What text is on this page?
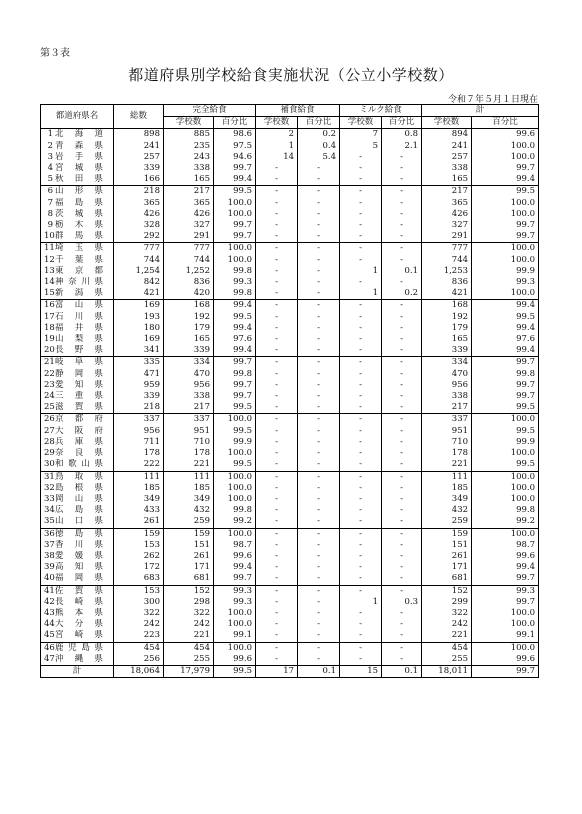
第３表
都道府県別学校給食実施状況（公立小学校数）
令和７年５月１日現在
都道府県名	総数	完全給食		補食給食		ミルク給食		計	
		学校数	百分比	学校数	百分比	学校数	百分比	学校数	百分比
1 北海道	898	885	98.6	2	0.2	7	0.8	894	99.6
2 青森県	241	235	97.5	1	0.4	5	2.1	241	100.0
3 岩手県	257	243	94.6	14	5.4	-	-	257	100.0
4 宮城県	339	338	99.7	-	-	-	-	338	99.7
5 秋田県	166	165	99.4	-	-	-	-	165	99.4
6 山形県	218	217	99.5	-	-	-	-	217	99.5
7 福島県	365	365	100.0	-	-	-	-	365	100.0
8 茨城県	426	426	100.0	-	-	-	-	426	100.0
9 栃木県	328	327	99.7	-	-	-	-	327	99.7
10群馬県	292	291	99.7	-	-	-	-	291	99.7
11埼玉県	777	777	100.0	-	-	-	-	777	100.0
12千葉県	744	744	100.0	-	-	-	-	744	100.0
13東京都	1,254	1,252	99.8	-	-	1	0.1	1,253	99.9
14神奈川県	842	836	99.3	-	-	-	-	836	99.3
15新潟県	421	420	99.8	-	-	1	0.2	421	100.0
16富山県	169	168	99.4	-	-	-	-	168	99.4
17石川県	193	192	99.5	-	-	-	-	192	99.5
18福井県	180	179	99.4	-	-	-	-	179	99.4
19山梨県	169	165	97.6	-	-	-	-	165	97.6
20長野県	341	339	99.4	-	-	-	-	339	99.4
21岐阜県	335	334	99.7	-	-	-	-	334	99.7
22静岡県	471	470	99.8	-	-	-	-	470	99.8
23愛知県	959	956	99.7	-	-	-	-	956	99.7
24三重県	339	338	99.7	-	-	-	-	338	99.7
25滋賀県	218	217	99.5	-	-	-	-	217	99.5
26京都府	337	337	100.0	-	-	-	-	337	100.0
27大阪府	956	951	99.5	-	-	-	-	951	99.5
28兵庫県	711	710	99.9	-	-	-	-	710	99.9
29奈良県	178	178	100.0	-	-	-	-	178	100.0
30和歌山県	222	221	99.5	-	-	-	-	221	99.5
31鳥取県	111	111	100.0	-	-	-	-	111	100.0
32島根県	185	185	100.0	-	-	-	-	185	100.0
33岡山県	349	349	100.0	-	-	-	-	349	100.0
34広島県	433	432	99.8	-	-	-	-	432	99.8
35山口県	261	259	99.2	-	-	-	-	259	99.2
36徳島県	159	159	100.0	-	-	-	-	159	100.0
37香川県	153	151	98.7	-	-	-	-	151	98.7
38愛媛県	262	261	99.6	-	-	-	-	261	99.6
39高知県	172	171	99.4	-	-	-	-	171	99.4
40福岡県	683	681	99.7	-	-	-	-	681	99.7
41佐賀県	153	152	99.3	-	-	-	-	152	99.3
42長崎県	300	298	99.3	-	-	1	0.3	299	99.7
43熊本県	322	322	100.0	-	-	-	-	322	100.0
44大分県	242	242	100.0	-	-	-	-	242	100.0
45宮崎県	223	221	99.1	-	-	-	-	221	99.1
46鹿児島県	454	454	100.0	-	-	-	-	454	100.0
47沖縄県	256	255	99.6	-	-	-	-	255	99.6
計	18,064	17,979	99.5	17	0.1	15	0.1	18,011	99.7
